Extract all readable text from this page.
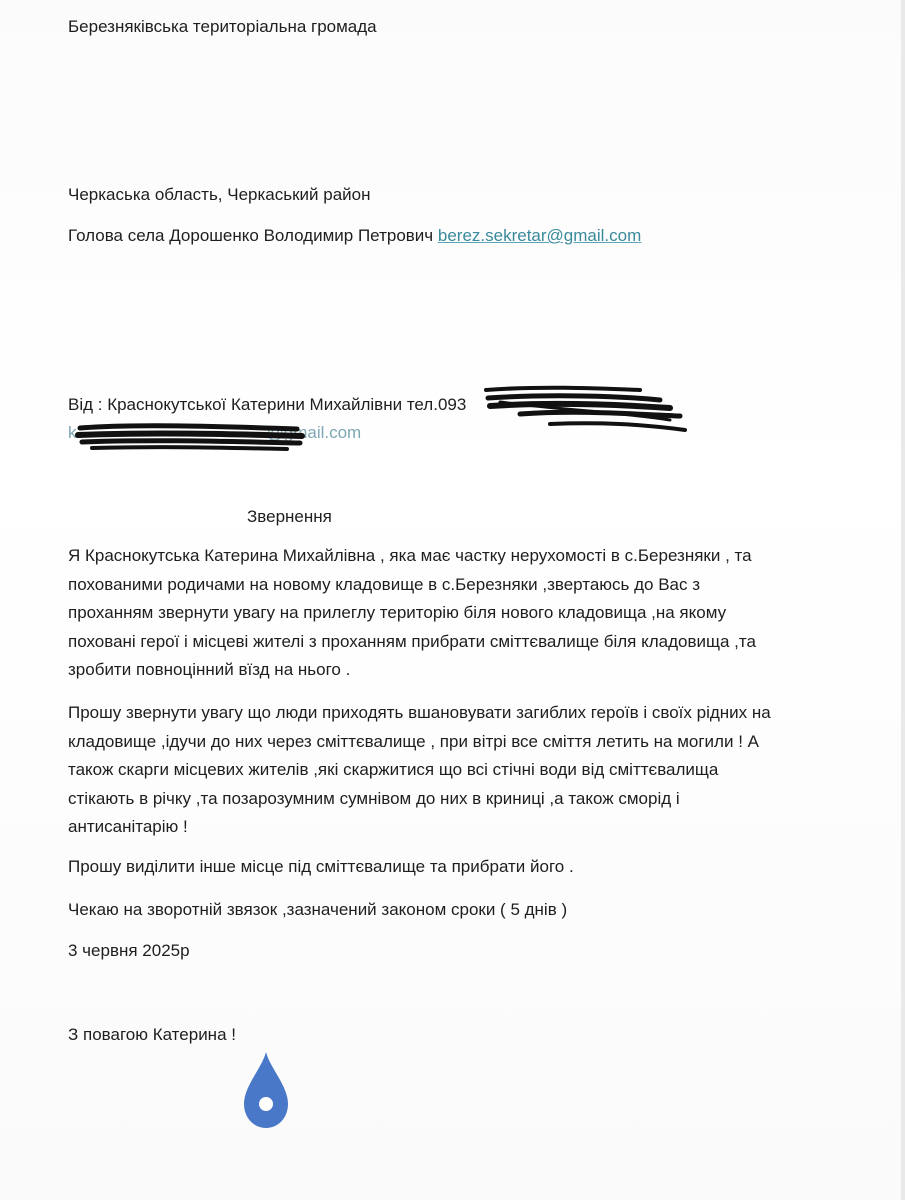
Березняківська територіальна громада
Черкаська область, Черкаський район
Голова села Дорошенко Володимир Петрович berez.sekretar@gmail.com
Від : Краснокутської Катерини Михайлівни тел.093
k	@gmail.com
Звернення

Я Краснокутська Катерина Михайлівна , яка має частку нерухомості в с.Березняки , та

похованими родичами на новому кладовище в с.Березняки ,звертаюсь до Вас з

проханням звернути увагу на прилеглу територію біля нового кладовища ,на якому

поховані герої і місцеві жителі з проханням прибрати сміттєвалище біля кладовища ,та

зробити повноцінний вїзд на нього .

Прошу звернути увагу що люди приходять вшановувати загиблих героїв і своїх рідних на

кладовище ,ідучи до них через сміттєвалище , при вітрі все сміття летить на могили ! А

також скарги місцевих жителів ,які скаржитися що всі стічні води від сміттєвалища

стікають в річку ,та позарозумним сумнівом до них в криниці ,а також сморід і

антисанітарію !

Прошу виділити інше місце під сміттєвалище та прибрати його .
Чекаю на зворотній звязок ,зазначений законом сроки ( 5 днів )
3 червня 2025р
З повагою Катерина !
